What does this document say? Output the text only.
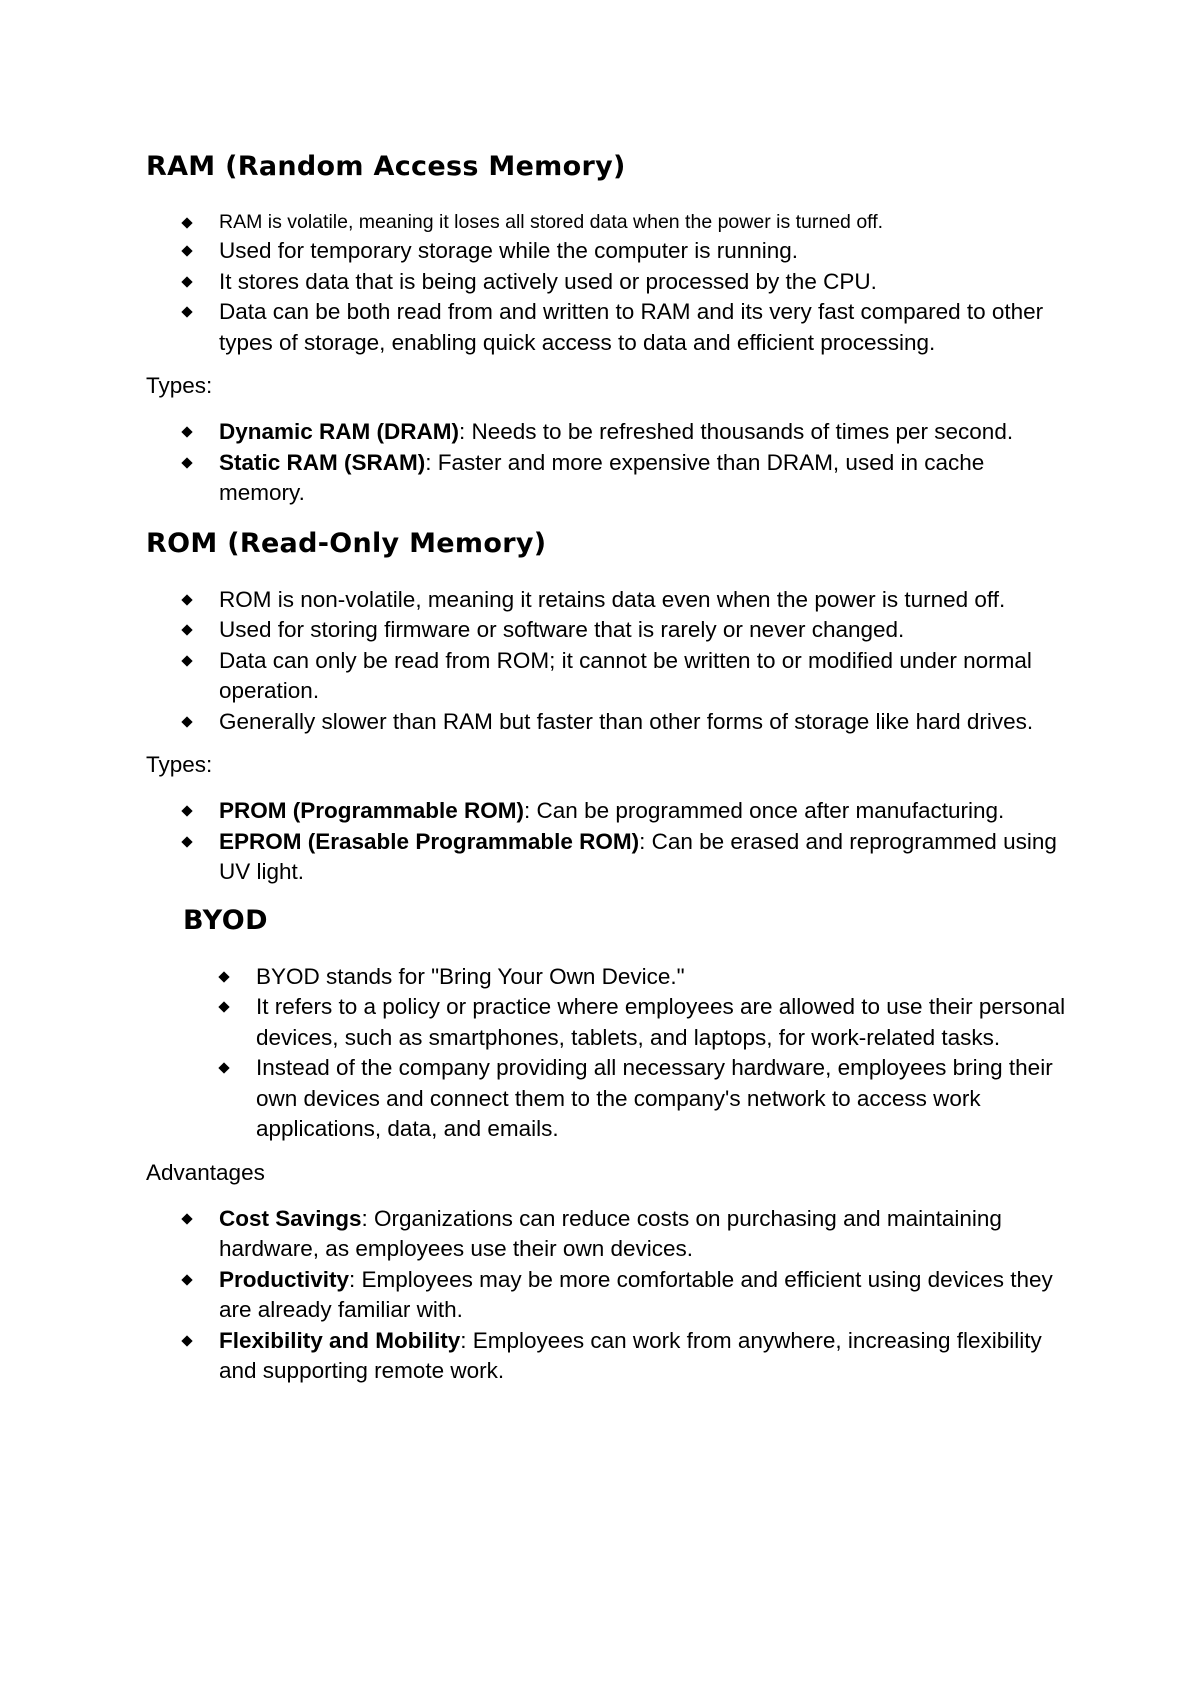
RAM (Random Access Memory)
RAM is volatile, meaning it loses all stored data when the power is turned off.
Used for temporary storage while the computer is running.
It stores data that is being actively used or processed by the CPU.
Data can be both read from and written to RAM and its very fast compared to other types of storage, enabling quick access to data and efficient processing.

Types:

Dynamic RAM (DRAM): Needs to be refreshed thousands of times per second.
Static RAM (SRAM): Faster and more expensive than DRAM, used in cache memory.
ROM (Read-Only Memory)
ROM is non-volatile, meaning it retains data even when the power is turned off.
Used for storing firmware or software that is rarely or never changed.
Data can only be read from ROM; it cannot be written to or modified under normal operation.
Generally slower than RAM but faster than other forms of storage like hard drives.

Types:

PROM (Programmable ROM): Can be programmed once after manufacturing.
EPROM (Erasable Programmable ROM): Can be erased and reprogrammed using UV light.
BYOD
BYOD stands for "Bring Your Own Device."
It refers to a policy or practice where employees are allowed to use their personal devices, such as smartphones, tablets, and laptops, for work-related tasks.
Instead of the company providing all necessary hardware, employees bring their own devices and connect them to the company's network to access work applications, data, and emails.

Advantages

Cost Savings: Organizations can reduce costs on purchasing and maintaining hardware, as employees use their own devices.
Productivity: Employees may be more comfortable and efficient using devices they are already familiar with.
Flexibility and Mobility: Employees can work from anywhere, increasing flexibility and supporting remote work.
